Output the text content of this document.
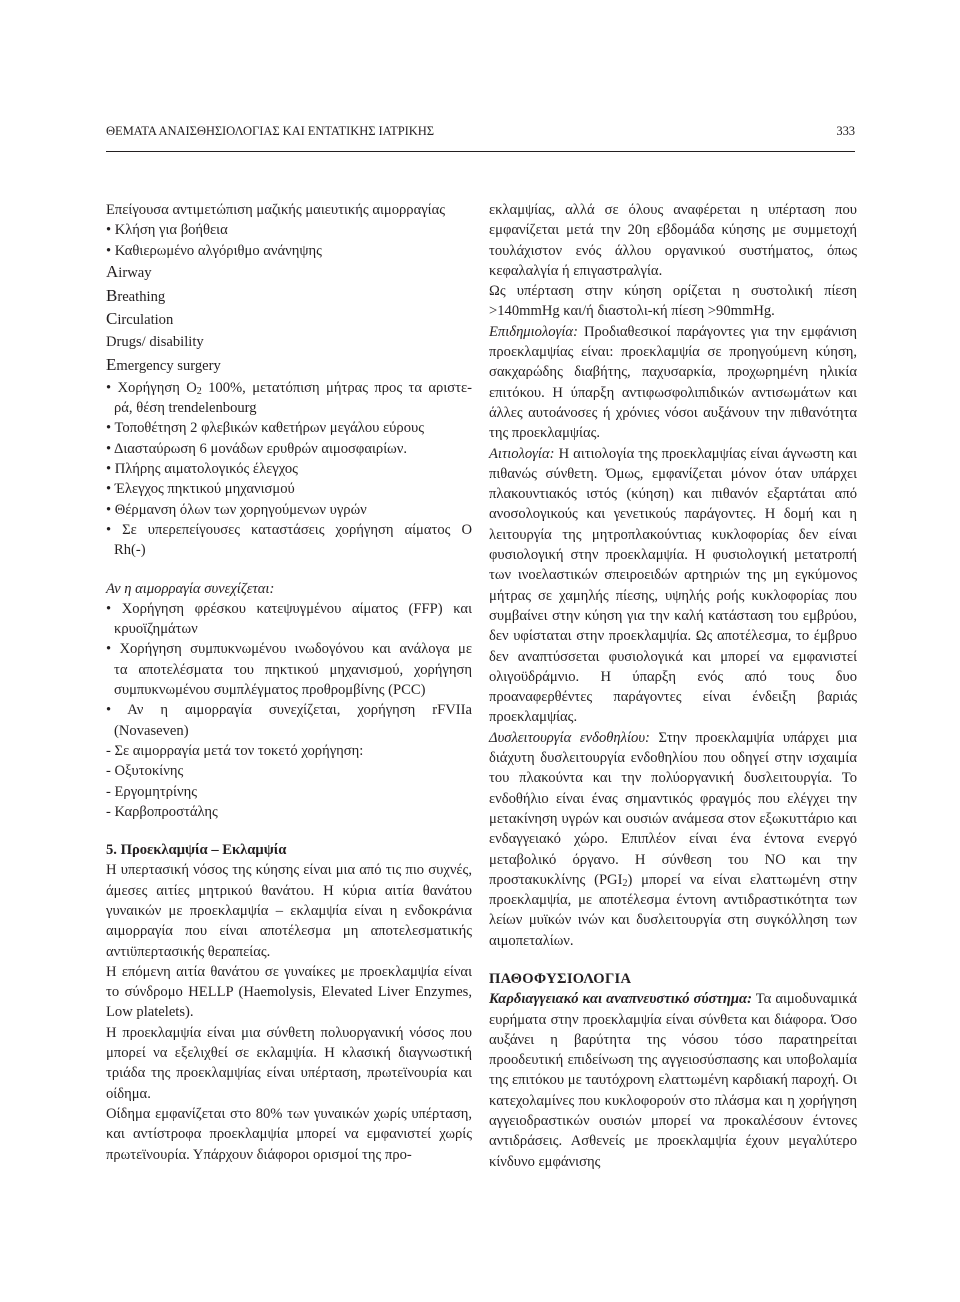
ΘΕΜΑΤΑ ΑΝΑΙΣΘΗΣΙΟΛΟΓΙΑΣ ΚΑΙ ΕΝΤΑΤΙΚΗΣ ΙΑΤΡΙΚΗΣ	333

Επείγουσα αντιμετώπιση μαζικής μαιευτικής αιμορραγίας

• Κλήση για βοήθεια

• Καθιερωμένο αλγόριθμο ανάνηψης

Airway

Breathing

Circulation

Drugs/ disability

Emergency surgery

• Χορήγηση $O_2$ 100%, μετατόπιση μήτρας προς τα αριστε-

ρά, θέση trendelenbourg

• Τοποθέτηση 2 φλεβικών καθετήρων μεγάλου εύρους

• Διασταύρωση 6 μονάδων ερυθρών αιμοσφαιρίων.

• Πλήρης αιματολογικός έλεγχος

• Έλεγχος πηκτικού μηχανισμού

• Θέρμανση όλων των χορηγούμενων υγρών

• Σε υπερεπείγουσες καταστάσεις χορήγηση αίματος O

Rh(-)

Αν η αιμορραγία συνεχίζεται:

• Χορήγηση φρέσκου κατεψυγμένου αίματος (FFP) και

κρυοϊζημάτων

• Χορήγηση συμπυκνωμένου ινωδογόνου και ανάλογα με

τα αποτελέσματα του πηκτικού μηχανισμού, χορήγηση

συμπυκνωμένου συμπλέγματος προθρομβίνης (PCC)

• Αν η αιμορραγία συνεχίζεται, χορήγηση rFVIIa

(Novaseven)

- Σε αιμορραγία μετά τον τοκετό χορήγηση:

- Οξυτοκίνης

- Εργομητρίνης

- Καρβοπροστάλης

5. Προεκλαμψία – Εκλαμψία

Η υπερτασική νόσος της κύησης είναι μια από τις πιο συχνές, άμεσες αιτίες μητρικού θανάτου. Η κύρια αιτία θανάτου γυναικών με προεκλαμψία – εκλαμψία είναι η ενδοκράνια αιμορραγία που είναι αποτέλεσμα μη αποτελεσματικής αντιϋπερτασικής θεραπείας.

Η επόμενη αιτία θανάτου σε γυναίκες με προεκλαμψία είναι το σύνδρομο HELLP (Haemolysis, Elevated Liver Enzymes, Low platelets).

Η προεκλαμψία είναι μια σύνθετη πολυοργανική νόσος που μπορεί να εξελιχθεί σε εκλαμψία. Η κλασική διαγνωστική τριάδα της προεκλαμψίας είναι υπέρταση, πρωτεϊνουρία και οίδημα.

Οίδημα εμφανίζεται στο 80% των γυναικών χωρίς υπέρταση, και αντίστροφα προεκλαμψία μπορεί να εμφανιστεί χωρίς πρωτεϊνουρία. Υπάρχουν διάφοροι ορισμοί της προ-

εκλαμψίας, αλλά σε όλους αναφέρεται η υπέρταση που εμφανίζεται μετά την 20η εβδομάδα κύησης με συμμετοχή τουλάχιστον ενός άλλου οργανικού συστήματος, όπως κεφαλαλγία ή επιγαστραλγία.

Ως υπέρταση στην κύηση ορίζεται η συστολική πίεση >140mmHg και/ή διαστολι-κή πίεση >90mmHg.

Επιδημιολογία: Προδιαθεσικοί παράγοντες για την εμφάνιση προεκλαμψίας είναι: προεκλαμψία σε προηγούμενη κύηση, σακχαρώδης διαβήτης, παχυσαρκία, προχωρημένη ηλικία επιτόκου. Η ύπαρξη αντιφωσφολιπιδικών αντισωμάτων και άλλες αυτοάνοσες ή χρόνιες νόσοι αυξάνουν την πιθανότητα της προεκλαμψίας.

Αιτιολογία: Η αιτιολογία της προεκλαμψίας είναι άγνωστη και πιθανώς σύνθετη. Όμως, εμφανίζεται μόνον όταν υπάρχει πλακουντιακός ιστός (κύηση) και πιθανόν εξαρτάται από ανοσολογικούς και γενετικούς παράγοντες. Η δομή και η λειτουργία της μητροπλακούντιας κυκλοφορίας δεν είναι φυσιολογική στην προεκλαμψία. Η φυσιολογική μετατροπή των ινοελαστικών σπειροειδών αρτηριών της μη εγκύμονος μήτρας σε χαμηλής πίεσης, υψηλής ροής κυκλοφορίας που συμβαίνει στην κύηση για την καλή κατάσταση του εμβρύου, δεν υφίσταται στην προεκλαμψία. Ως αποτέλεσμα, το έμβρυο δεν αναπτύσσεται φυσιολογικά και μπορεί να εμφανιστεί ολιγοϋδράμνιο. Η ύπαρξη ενός από τους δυο προαναφερθέντες παράγοντες είναι ένδειξη βαριάς προεκλαμψίας.

Δυσλειτουργία ενδοθηλίου: Στην προεκλαμψία υπάρχει μια διάχυτη δυσλειτουργία ενδοθηλίου που οδηγεί στην ισχαιμία του πλακούντα και την πολύοργανική δυσλειτουργία. Το ενδοθήλιο είναι ένας σημαντικός φραγμός που ελέγχει την μετακίνηση υγρών και ουσιών ανάμεσα στον εξωκυττάριο και ενδαγγειακό χώρο. Επιπλέον είναι ένα έντονα ενεργό μεταβολικό όργανο. Η σύνθεση του NO και την προστακυκλίνης $(PGI_2)$ μπορεί να είναι ελαττωμένη στην προεκλαμψία, με αποτέλεσμα έντονη αντιδραστικότητα των λείων μυϊκών ινών και δυσλειτουργία στη συγκόλληση των αιμοπεταλίων.

ΠΑΘΟΦΥΣΙΟΛΟΓΙΑ

Καρδιαγγειακό και αναπνευστικό σύστημα: Τα αιμοδυναμικά ευρήματα στην προεκλαμψία είναι σύνθετα και διάφορα. Όσο αυξάνει η βαρύτητα της νόσου τόσο παρατηρείται προοδευτική επιδείνωση της αγγειοσύσπασης και υποβολαμία της επιτόκου με ταυτόχρονη ελαττωμένη καρδιακή παροχή. Οι κατεχολαμίνες που κυκλοφορούν στο πλάσμα και η χορήγηση αγγειοδραστικών ουσιών μπορεί να προκαλέσουν έντονες αντιδράσεις. Ασθενείς με προεκλαμψία έχουν μεγαλύτερο κίνδυνο εμφάνισης
